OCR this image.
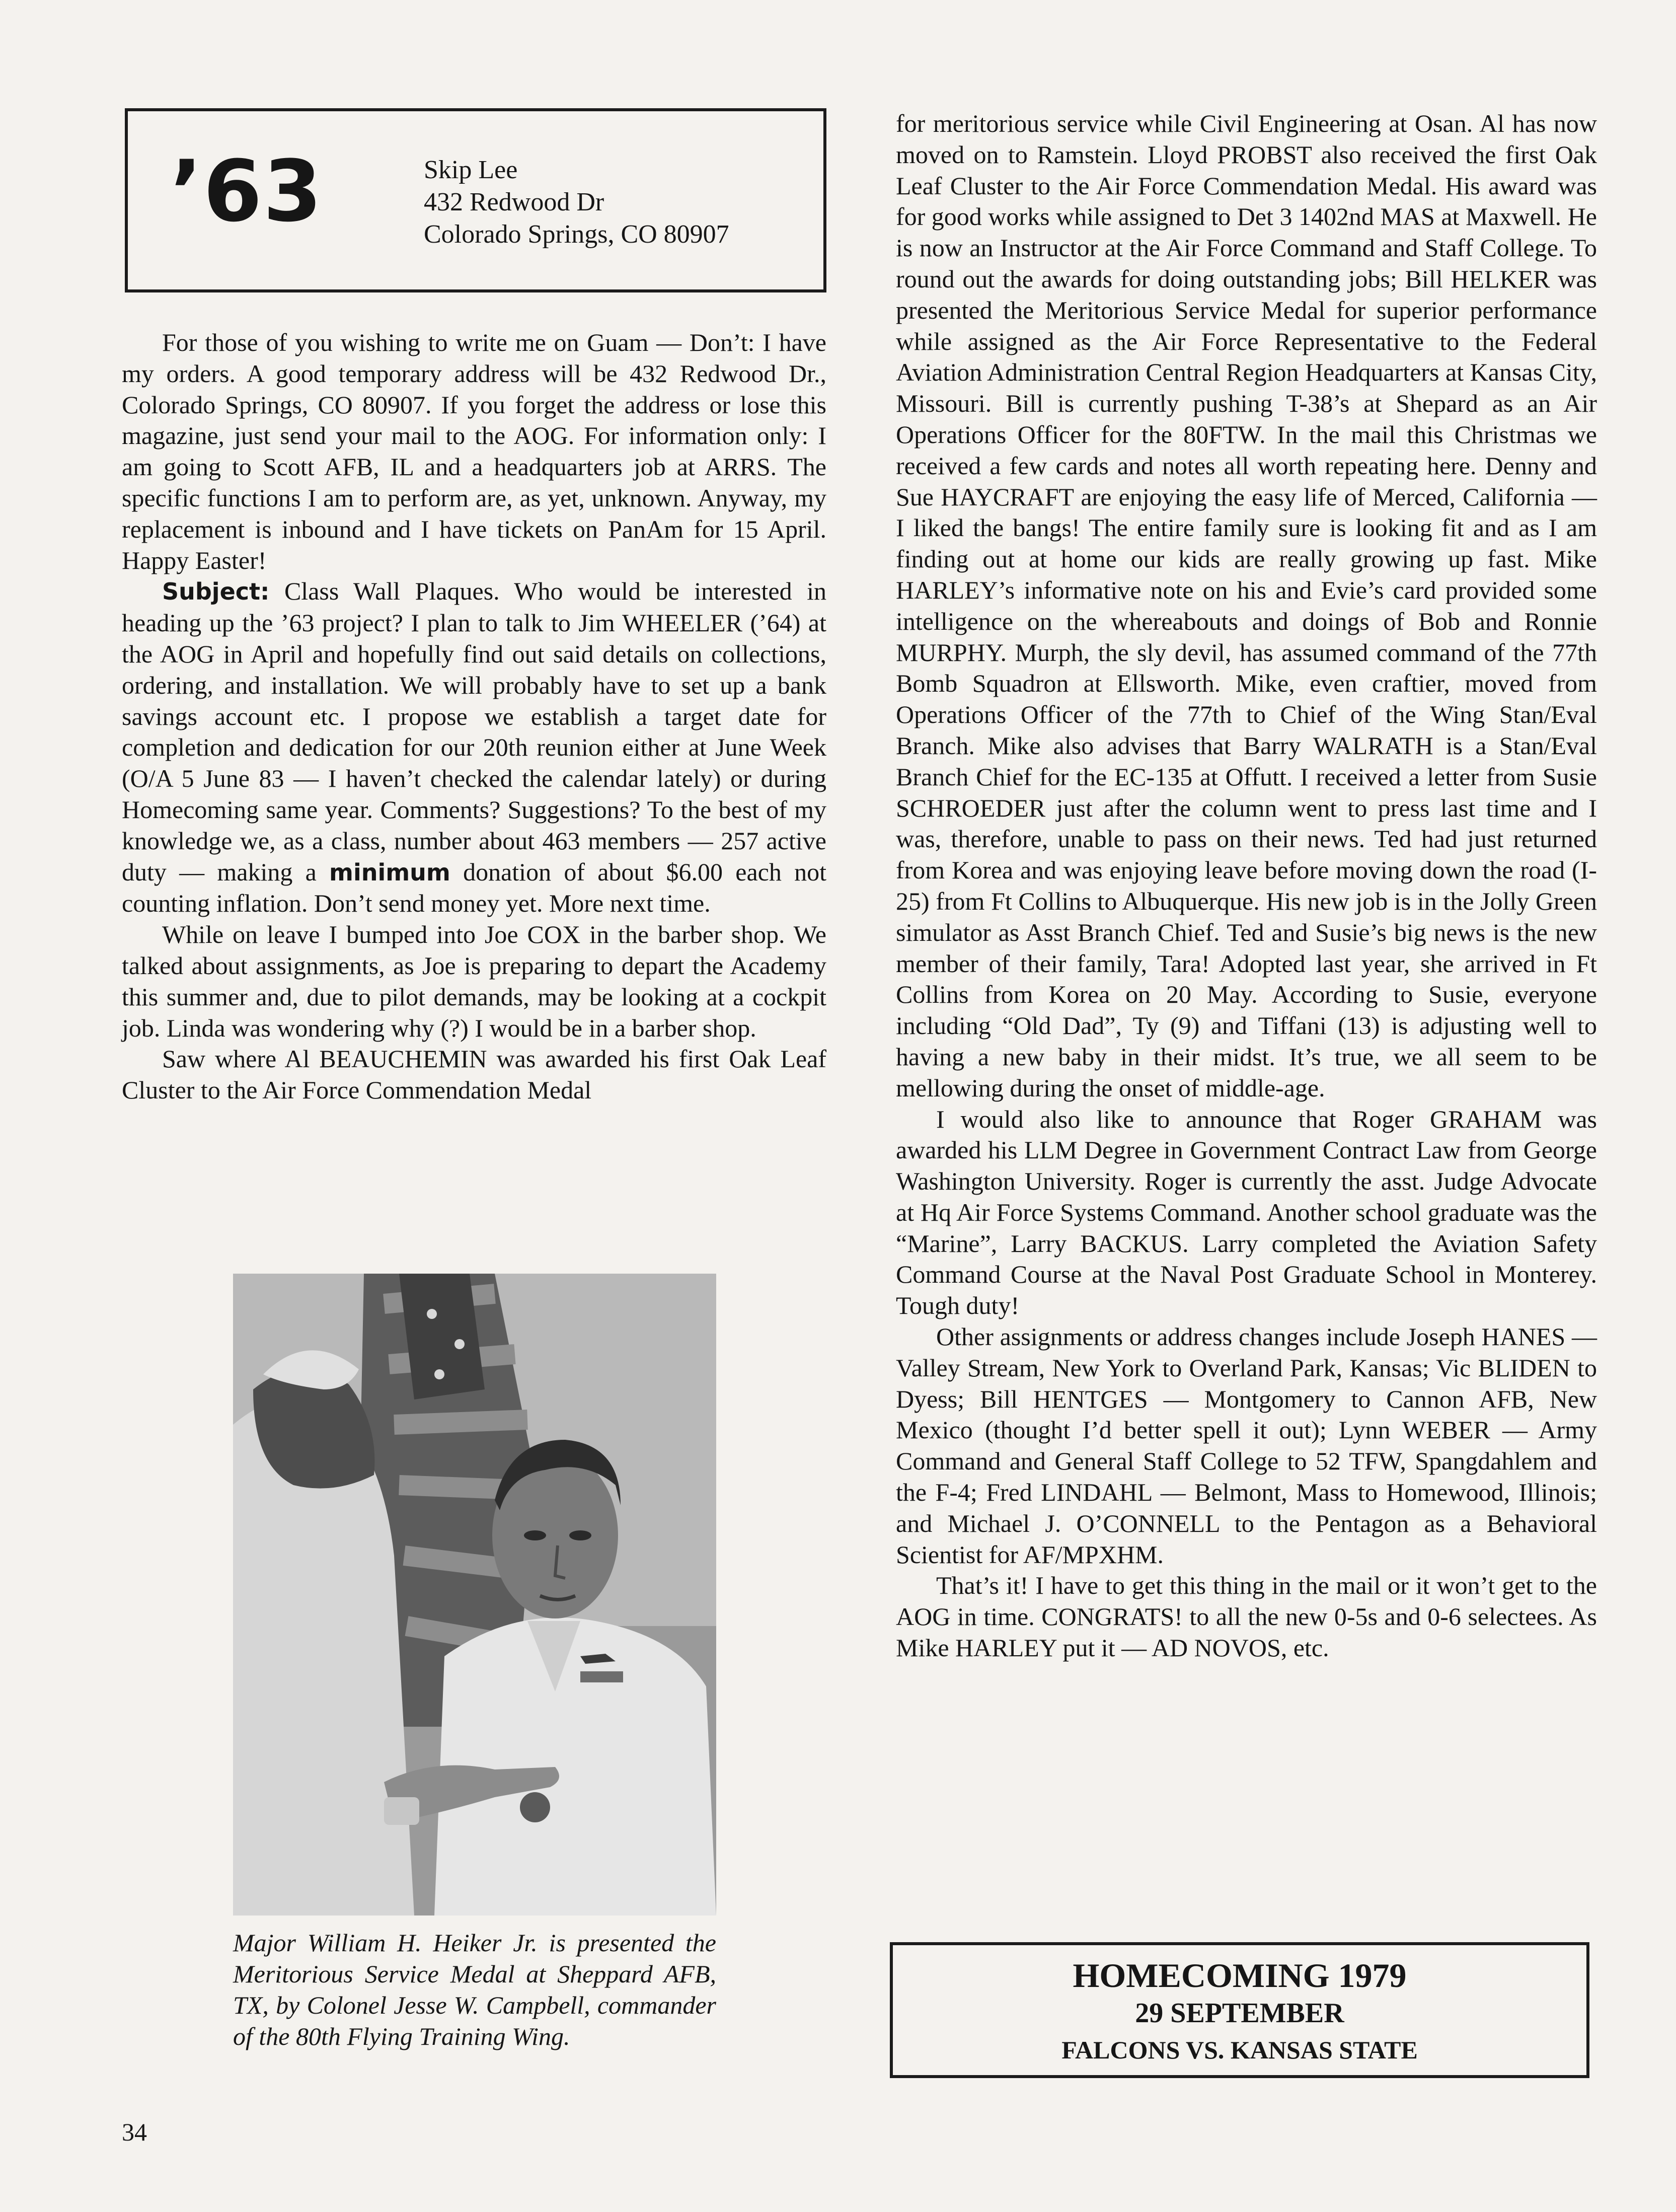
’63	Skip Lee
432 Redwood Dr
Colorado Springs, CO 80907

For those of you wishing to write me on Guam — Don’t: I have my orders. A good temporary address will be 432 Redwood Dr., Colorado Springs, CO 80907. If you forget the address or lose this magazine, just send your mail to the AOG. For information only: I am going to Scott AFB, IL and a headquarters job at ARRS. The specific functions I am to perform are, as yet, unknown. Anyway, my replacement is inbound and I have tickets on PanAm for 15 April. Happy Easter!

Subject: Class Wall Plaques. Who would be interested in heading up the ’63 project? I plan to talk to Jim WHEELER (’64) at the AOG in April and hopefully find out said details on collections, ordering, and installation. We will probably have to set up a bank savings account etc. I propose we establish a target date for completion and dedication for our 20th reunion either at June Week (O/A 5 June 83 — I haven’t checked the calendar lately) or during Homecoming same year. Comments? Suggestions? To the best of my knowledge we, as a class, number about 463 members — 257 active duty — making a minimum donation of about $6.00 each not counting inflation. Don’t send money yet. More next time.

While on leave I bumped into Joe COX in the barber shop. We talked about assignments, as Joe is preparing to depart the Academy this summer and, due to pilot demands, may be looking at a cockpit job. Linda was wondering why (?) I would be in a barber shop.

Saw where Al BEAUCHEMIN was awarded his first Oak Leaf Cluster to the Air Force Commendation Medal

Major William H. Heiker Jr. is presented the Meritorious Service Medal at Sheppard AFB, TX, by Colonel Jesse W. Campbell, commander of the 80th Flying Training Wing.

for meritorious service while Civil Engineering at Osan. Al has now moved on to Ramstein. Lloyd PROBST also received the first Oak Leaf Cluster to the Air Force Commendation Medal. His award was for good works while assigned to Det 3 1402nd MAS at Maxwell. He is now an Instructor at the Air Force Command and Staff College. To round out the awards for doing outstanding jobs; Bill HELKER was presented the Meritorious Service Medal for superior performance while assigned as the Air Force Representative to the Federal Aviation Administration Central Region Headquarters at Kansas City, Missouri. Bill is currently pushing T-38’s at Shepard as an Air Operations Officer for the 80FTW. In the mail this Christmas we received a few cards and notes all worth repeating here. Denny and Sue HAYCRAFT are enjoying the easy life of Merced, California — I liked the bangs! The entire family sure is looking fit and as I am finding out at home our kids are really growing up fast. Mike HARLEY’s informative note on his and Evie’s card provided some intelligence on the whereabouts and doings of Bob and Ronnie MURPHY. Murph, the sly devil, has assumed command of the 77th Bomb Squadron at Ellsworth. Mike, even craftier, moved from Operations Officer of the 77th to Chief of the Wing Stan/Eval Branch. Mike also advises that Barry WALRATH is a Stan/Eval Branch Chief for the EC-135 at Offutt. I received a letter from Susie SCHROEDER just after the column went to press last time and I was, therefore, unable to pass on their news. Ted had just returned from Korea and was enjoying leave before moving down the road (I-25) from Ft Collins to Albuquerque. His new job is in the Jolly Green simulator as Asst Branch Chief. Ted and Susie’s big news is the new member of their family, Tara! Adopted last year, she arrived in Ft Collins from Korea on 20 May. According to Susie, everyone including “Old Dad”, Ty (9) and Tiffani (13) is adjusting well to having a new baby in their midst. It’s true, we all seem to be mellowing during the onset of middle-age.

I would also like to announce that Roger GRAHAM was awarded his LLM Degree in Government Contract Law from George Washington University. Roger is currently the asst. Judge Advocate at Hq Air Force Systems Command. Another school graduate was the “Marine”, Larry BACKUS. Larry completed the Aviation Safety Command Course at the Naval Post Graduate School in Monterey. Tough duty!

Other assignments or address changes include Joseph HANES — Valley Stream, New York to Overland Park, Kansas; Vic BLIDEN to Dyess; Bill HENTGES — Montgomery to Cannon AFB, New Mexico (thought I’d better spell it out); Lynn WEBER — Army Command and General Staff College to 52 TFW, Spangdahlem and the F-4; Fred LINDAHL — Belmont, Mass to Homewood, Illinois; and Michael J. O’CONNELL to the Pentagon as a Behavioral Scientist for AF/MPXHM.

That’s it! I have to get this thing in the mail or it won’t get to the AOG in time. CONGRATS! to all the new 0-5s and 0-6 selectees. As Mike HARLEY put it — AD NOVOS, etc.

HOMECOMING 1979
29 SEPTEMBER
FALCONS VS. KANSAS STATE
34
